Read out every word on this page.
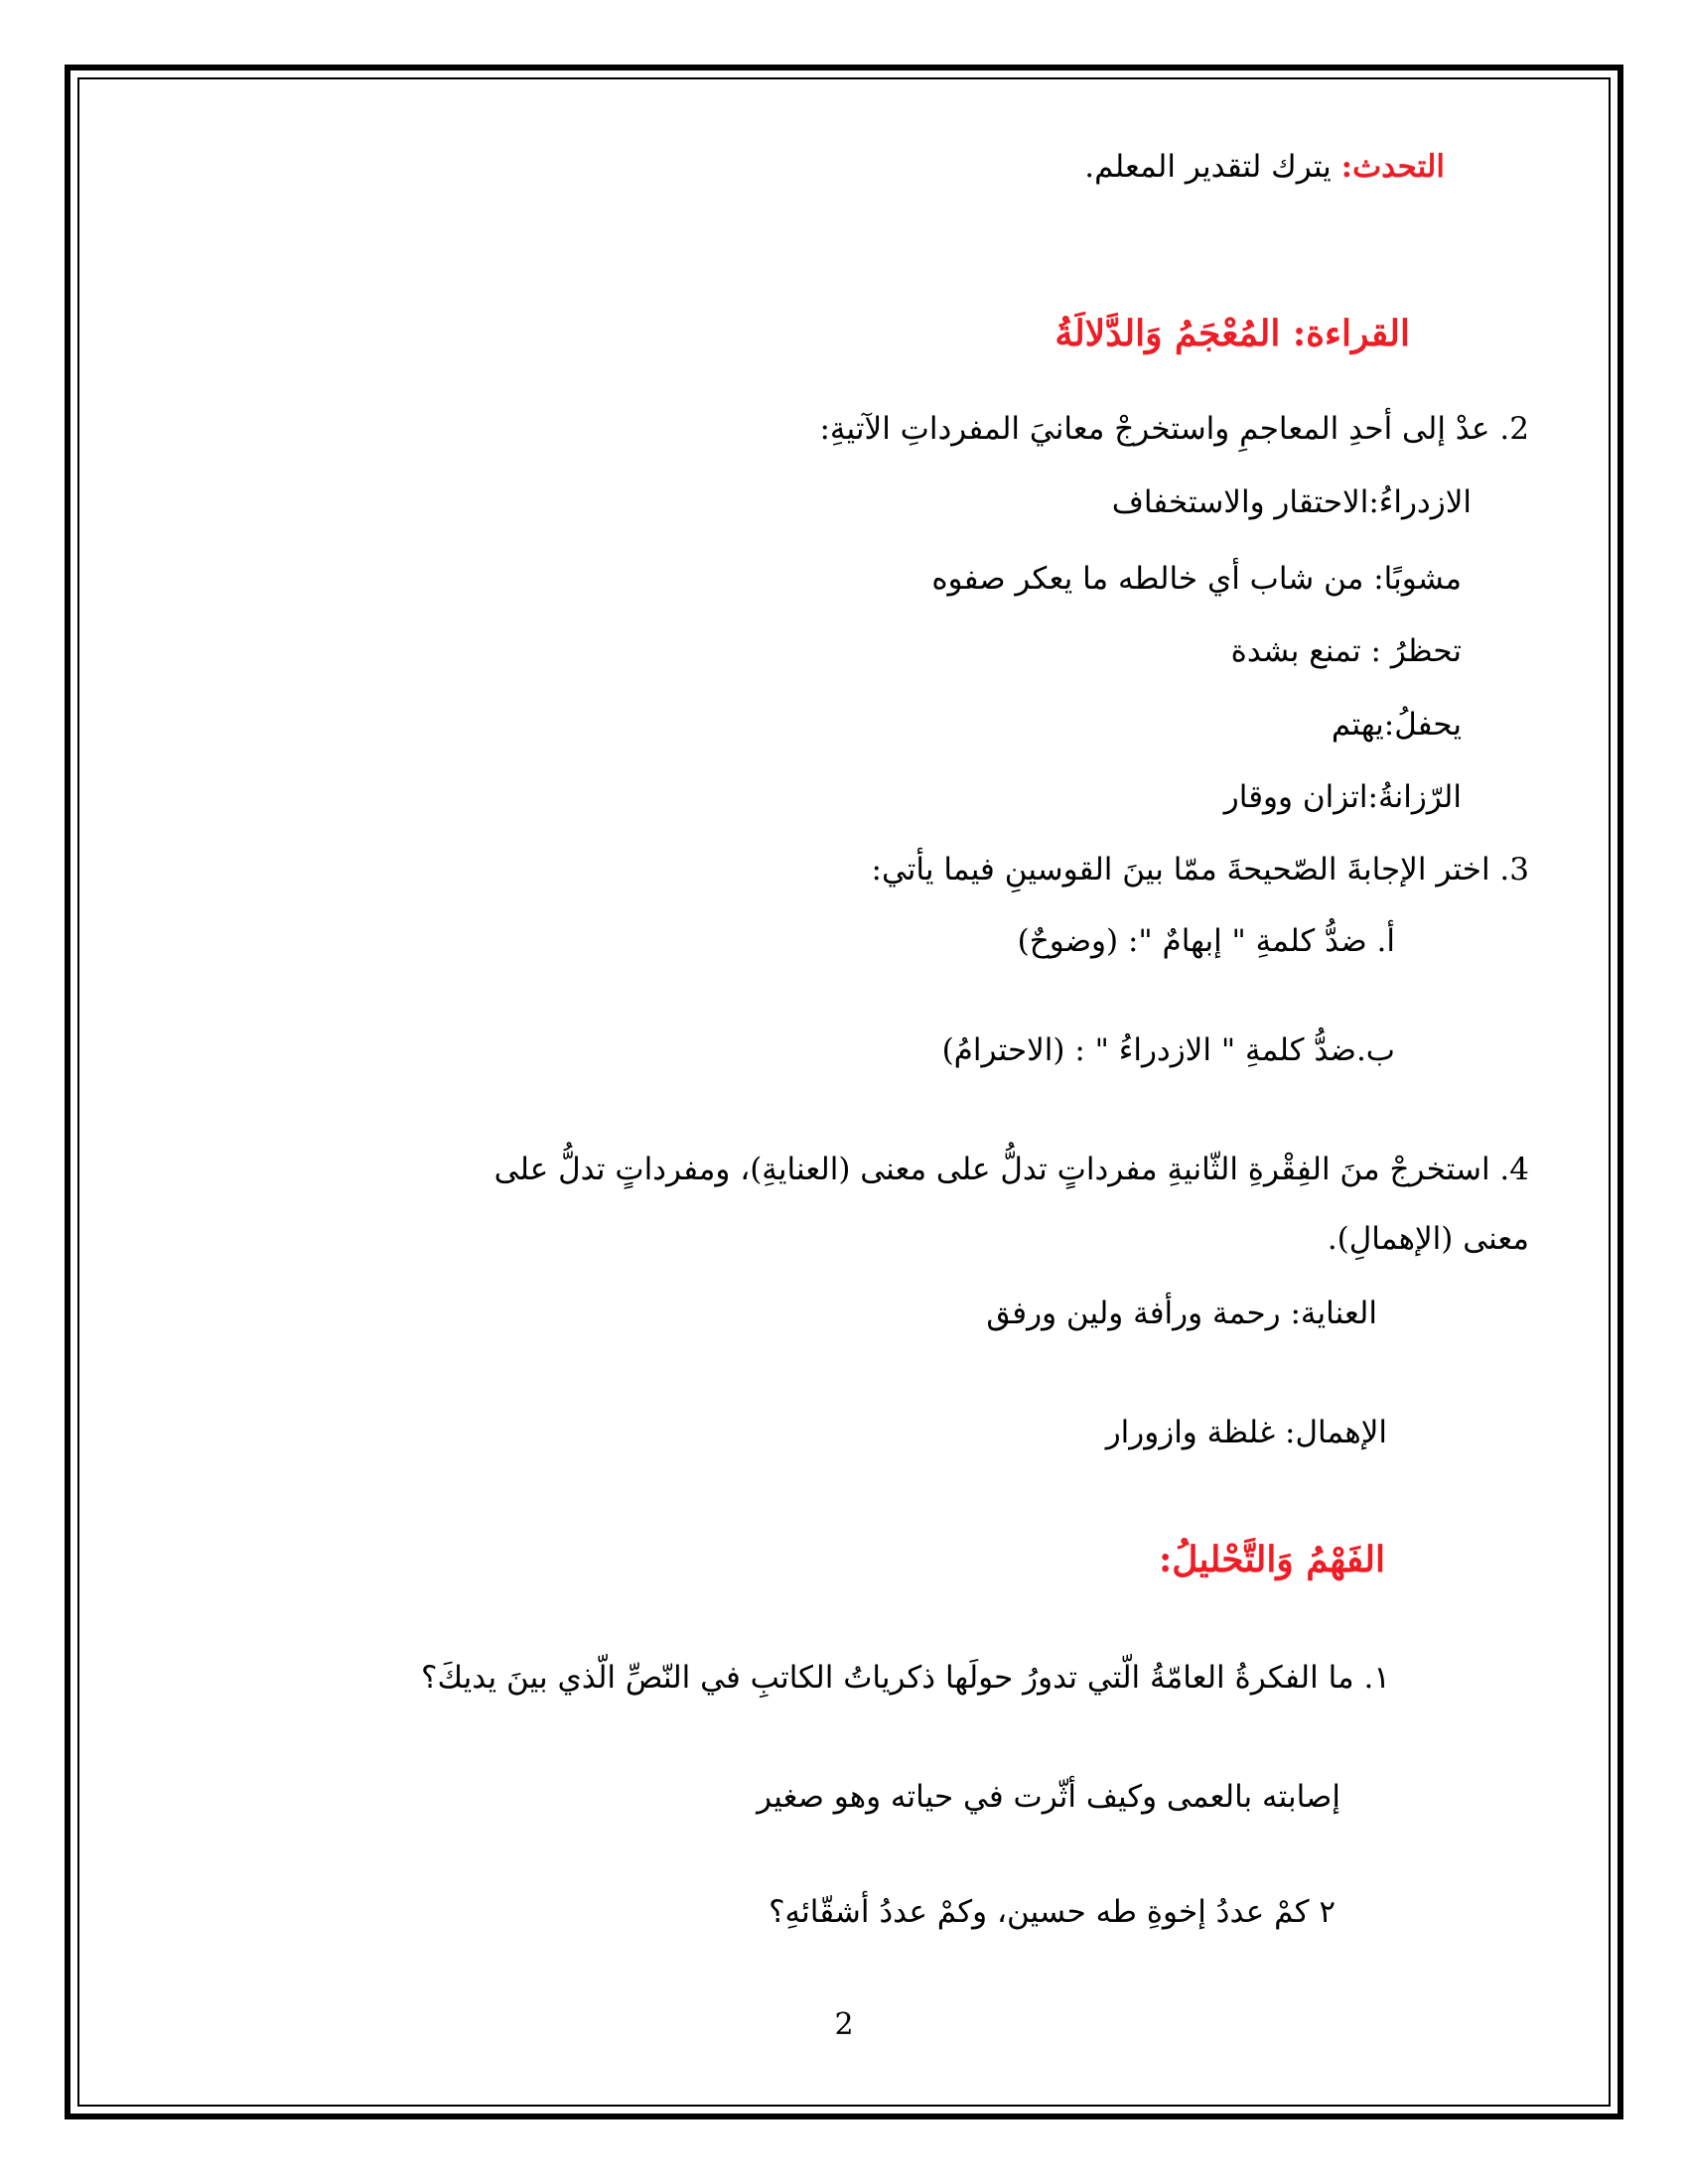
التحدث: يترك لتقدير المعلم.
القراءة: المُعْجَمُ وَالدَّلالَةُ
2. عدْ إلى أحدِ المعاجمِ واستخرجْ معانيَ المفرداتِ الآتيةِ:
الازدراءُ:الاحتقار والاستخفاف
مشوبًا: من شاب أي خالطه ما يعكر صفوه
تحظرُ : تمنع بشدة
يحفلُ:يهتم
الرّزانةُ:اتزان ووقار
3. اختر الإجابةَ الصّحيحةَ ممّا بينَ القوسينِ فيما يأتي:
أ. ضدُّ كلمةِ " إبهامٌ ": (وضوحٌ)
ب.ضدُّ كلمةِ " الازدراءُ " : (الاحترامُ)
4. استخرجْ منَ الفِقْرةِ الثّانيةِ مفرداتٍ تدلُّ على معنى (العنايةِ)، ومفرداتٍ تدلُّ على
معنى (الإهمالِ).
العناية: رحمة ورأفة ولين ورفق
الإهمال: غلظة وازورار
الفَهْمُ وَالتَّحْليلُ:
١. ما الفكرةُ العامّةُ الّتي تدورُ حولَها ذكرياتُ الكاتبِ في النّصِّ الّذي بينَ يديكَ؟
إصابته بالعمى وكيف أثّرت في حياته وهو صغير
٢ كمْ عددُ إخوةِ طه حسين، وكمْ عددُ أشقّائهِ؟
2
